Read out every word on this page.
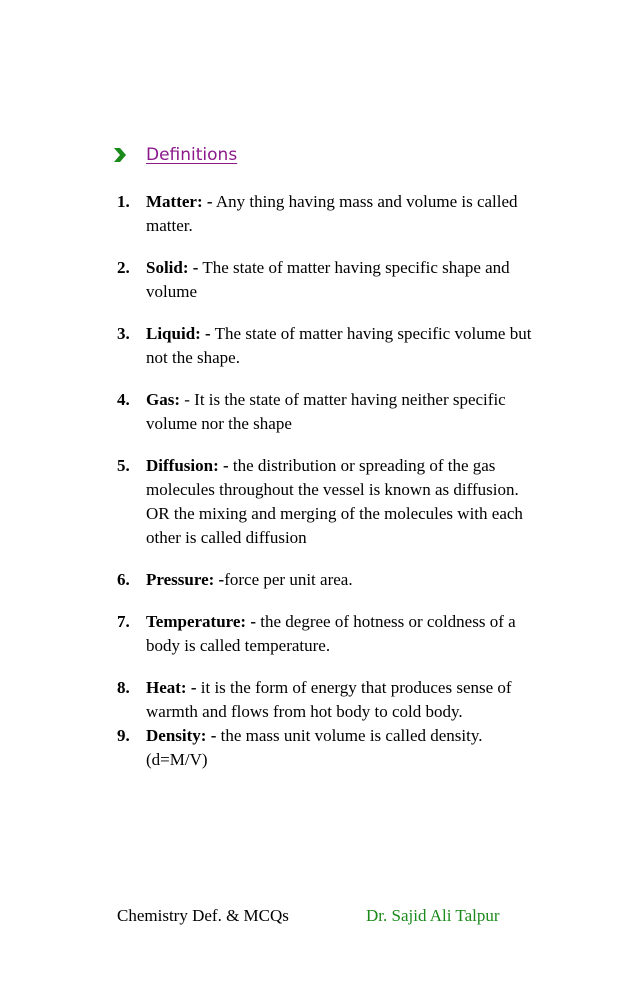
Definitions
1. Matter: - Any thing having mass and volume is called matter.
2. Solid: - The state of matter having specific shape and volume
3. Liquid: - The state of matter having specific volume but not the shape.
4. Gas: - It is the state of matter having neither specific volume nor the shape
5. Diffusion: - the distribution or spreading of the gas molecules throughout the vessel is known as diffusion. OR the mixing and merging of the molecules with each other is called diffusion
6. Pressure: -force per unit area.
7. Temperature: - the degree of hotness or coldness of a body is called temperature.
8. Heat: - it is the form of energy that produces sense of warmth and flows from hot body to cold body.
9. Density: - the mass unit volume is called density. (d=M/V)
Chemistry Def. & MCQs	Dr. Sajid Ali Talpur
